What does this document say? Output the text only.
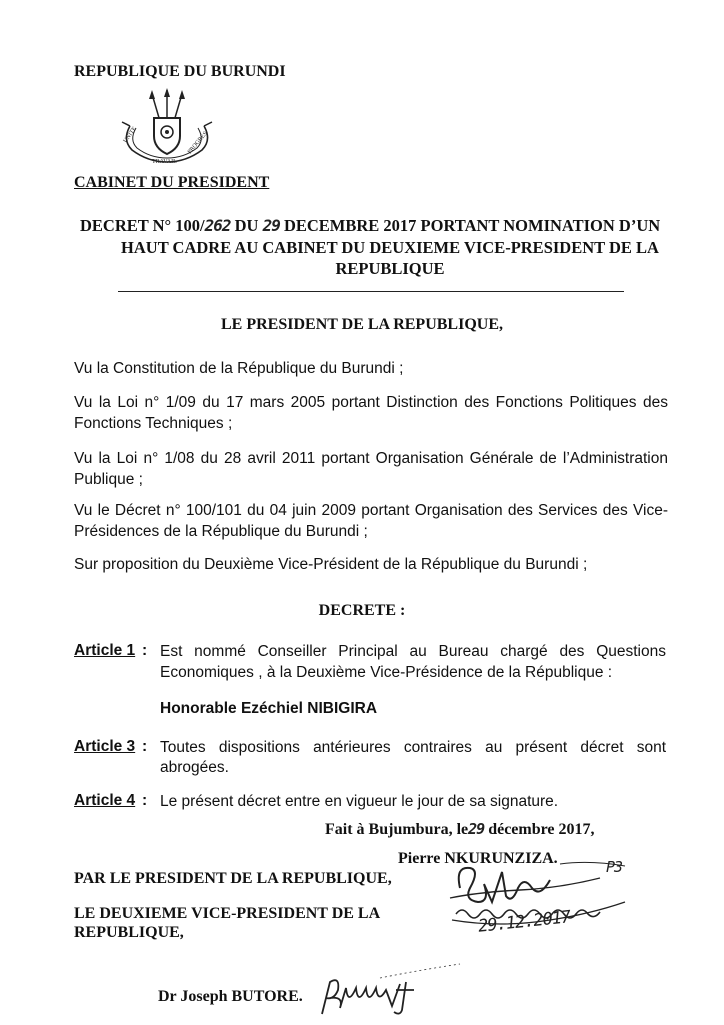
REPUBLIQUE DU BURUNDI
UNITE
TRAVAIL
PROGRES
CABINET DU PRESIDENT
DECRET N° 100/262 DU 29 DECEMBRE 2017 PORTANT NOMINATION D’UN
HAUT CADRE AU CABINET DU DEUXIEME VICE-PRESIDENT DE LA
REPUBLIQUE
LE PRESIDENT DE LA REPUBLIQUE,
Vu la Constitution de la République du Burundi ;
Vu la Loi n° 1/09 du 17 mars 2005 portant Distinction des Fonctions Politiques des Fonctions Techniques ;
Vu la Loi n° 1/08 du 28 avril 2011 portant Organisation Générale de l’Administration Publique ;
Vu le Décret n° 100/101 du 04 juin 2009 portant Organisation des Services des Vice-Présidences de la République du Burundi ;
Sur proposition du Deuxième Vice-Président de la République du Burundi ;
DECRETE :
Article 1 : Est nommé Conseiller Principal au Bureau chargé des Questions
Economiques , à la Deuxième Vice-Présidence de la République :
Honorable Ezéchiel NIBIGIRA
Article 3 : Toutes dispositions antérieures contraires au présent décret sont
abrogées.
Article 4 : Le présent décret entre en vigueur le jour de sa signature.
Fait à Bujumbura, le29 décembre 2017,
Pierre NKURUNZIZA.	P3
29.12.2017
PAR LE PRESIDENT DE LA REPUBLIQUE,
LE DEUXIEME VICE-PRESIDENT DE LA
REPUBLIQUE,
Dr Joseph BUTORE.
